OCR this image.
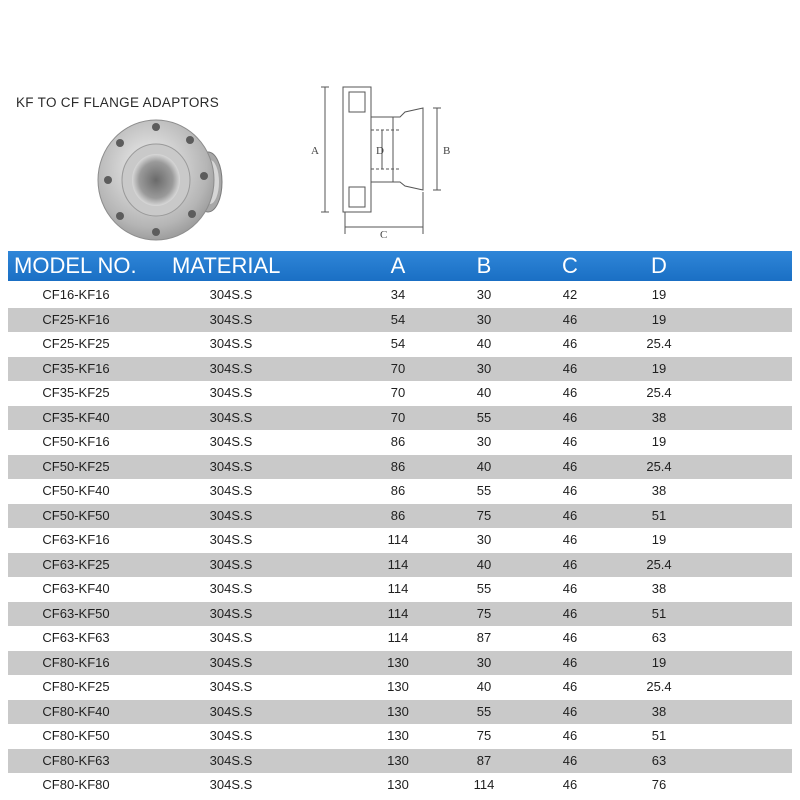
KF TO CF FLANGE ADAPTORS
A	B
C
D
MODEL NO. MATERIAL	A	B	C	D
CF16-KF16	304S.S	34	30	42	19
CF25-KF16	304S.S	54	30	46	19
CF25-KF25	304S.S	54	40	46	25.4
CF35-KF16	304S.S	70	30	46	19
CF35-KF25	304S.S	70	40	46	25.4
CF35-KF40	304S.S	70	55	46	38
CF50-KF16	304S.S	86	30	46	19
CF50-KF25	304S.S	86	40	46	25.4
CF50-KF40	304S.S	86	55	46	38
CF50-KF50	304S.S	86	75	46	51
CF63-KF16	304S.S	114	30	46	19
CF63-KF25	304S.S	114	40	46	25.4
CF63-KF40	304S.S	114	55	46	38
CF63-KF50	304S.S	114	75	46	51
CF63-KF63	304S.S	114	87	46	63
CF80-KF16	304S.S	130	30	46	19
CF80-KF25	304S.S	130	40	46	25.4
CF80-KF40	304S.S	130	55	46	38
CF80-KF50	304S.S	130	75	46	51
CF80-KF63	304S.S	130	87	46	63
CF80-KF80	304S.S	130	114	46	76
